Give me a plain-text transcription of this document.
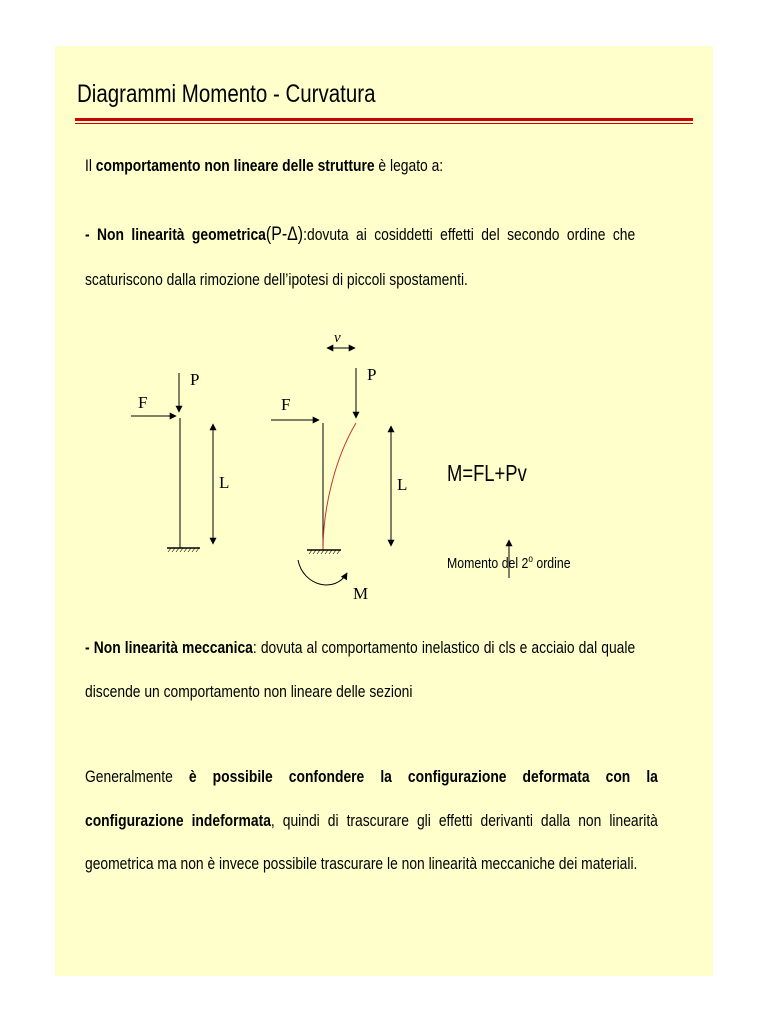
Diagrammi Momento - Curvatura
Il comportamento non lineare delle strutture è legato a:
- Non linearità geometrica(P-Δ):dovuta ai cosiddetti effetti del secondo ordine che
scaturiscono dalla rimozione dell’ipotesi di piccoli spostamenti.
P
F
L
P
F
L
v
M
M=FL+Pv
Momento del 2$^o$ ordine
- Non linearità meccanica: dovuta al comportamento inelastico di cls e acciaio dal quale
discende un comportamento non lineare delle sezioni
Generalmente è possibile confondere la configurazione deformata con la
configurazione indeformata, quindi di trascurare gli effetti derivanti dalla non linearità
geometrica ma non è invece possibile trascurare le non linearità meccaniche dei materiali.
